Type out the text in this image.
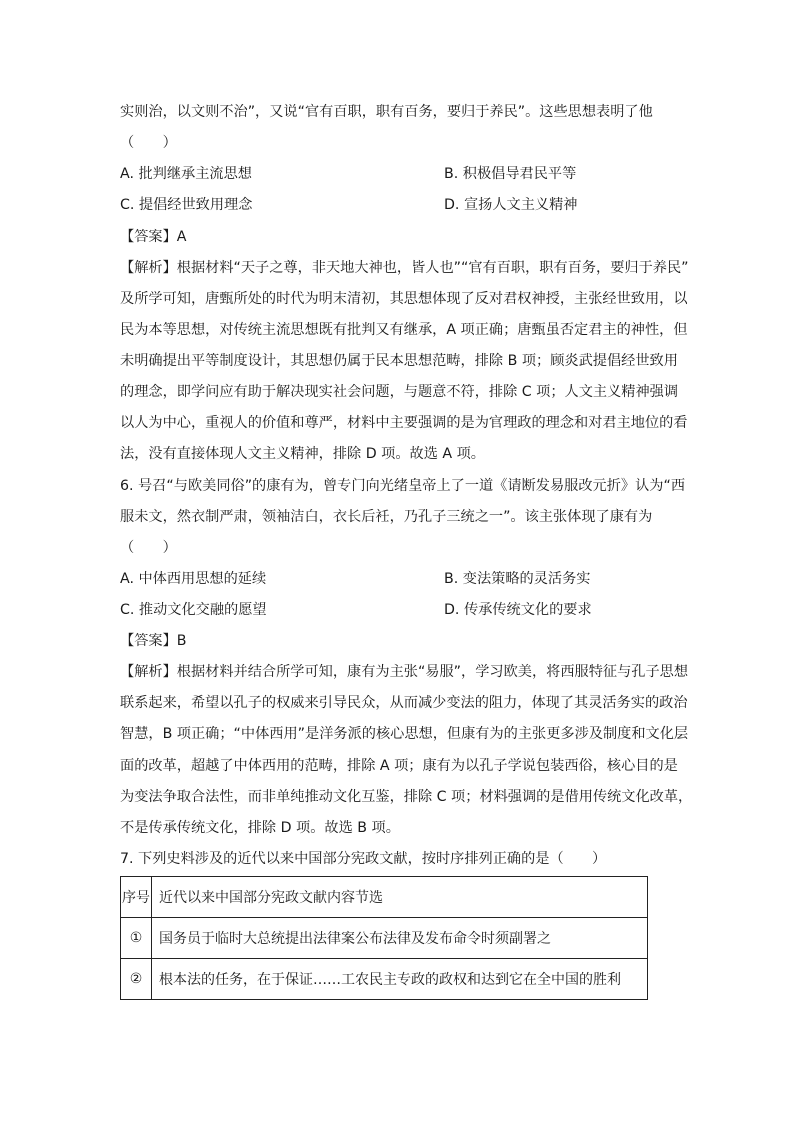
实则治，以文则不治”，又说“官有百职，职有百务，要归于养民”。这些思想表明了他
（　　）
A. 批判继承主流思想	B. 积极倡导君民平等
C. 提倡经世致用理念	D. 宣扬人文主义精神
【答案】A
【解析】根据材料“天子之尊，非天地大神也，皆人也”“官有百职，职有百务，要归于养民”
及所学可知，唐甄所处的时代为明末清初，其思想体现了反对君权神授，主张经世致用，以
民为本等思想，对传统主流思想既有批判又有继承，A 项正确；唐甄虽否定君主的神性，但
未明确提出平等制度设计，其思想仍属于民本思想范畴，排除 B 项；顾炎武提倡经世致用
的理念，即学问应有助于解决现实社会问题，与题意不符，排除 C 项；人文主义精神强调
以人为中心，重视人的价值和尊严，材料中主要强调的是为官理政的理念和对君主地位的看
法，没有直接体现人文主义精神，排除 D 项。故选 A 项。
6. 号召“与欧美同俗”的康有为，曾专门向光绪皇帝上了一道《请断发易服改元折》认为“西
服未文，然衣制严肃，领袖洁白，衣长后衽，乃孔子三统之一”。该主张体现了康有为
（　　）
A. 中体西用思想的延续	B. 变法策略的灵活务实
C. 推动文化交融的愿望	D. 传承传统文化的要求
【答案】B
【解析】根据材料并结合所学可知，康有为主张“易服”，学习欧美，将西服特征与孔子思想
联系起来，希望以孔子的权威来引导民众，从而减少变法的阻力，体现了其灵活务实的政治
智慧，B 项正确；“中体西用”是洋务派的核心思想，但康有为的主张更多涉及制度和文化层
面的改革，超越了中体西用的范畴，排除 A 项；康有为以孔子学说包装西俗，核心目的是
为变法争取合法性，而非单纯推动文化互鉴，排除 C 项；材料强调的是借用传统文化改革，
不是传承传统文化，排除 D 项。故选 B 项。
7. 下列史料涉及的近代以来中国部分宪政文献，按时序排列正确的是（　　）
序号	近代以来中国部分宪政文献内容节选
①	国务员于临时大总统提出法律案公布法律及发布命令时须副署之
②	根本法的任务，在于保证……工农民主专政的政权和达到它在全中国的胜利
